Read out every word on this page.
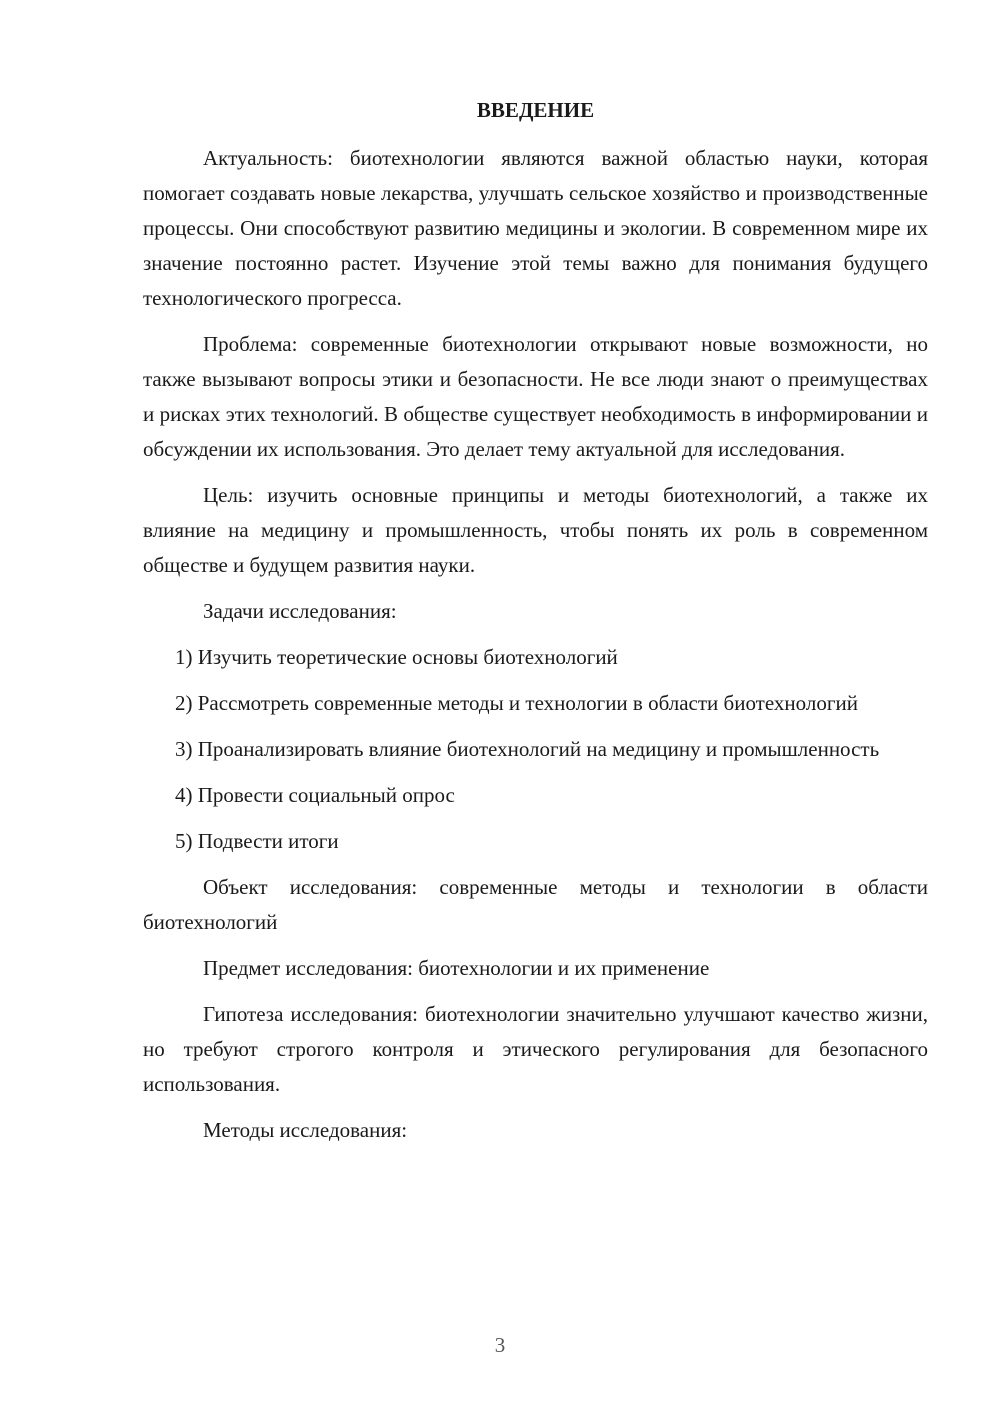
ВВЕДЕНИЕ

Актуальность: биотехнологии являются важной областью науки, которая помогает создавать новые лекарства, улучшать сельское хозяйство и производственные процессы. Они способствуют развитию медицины и экологии. В современном мире их значение постоянно растет. Изучение этой темы важно для понимания будущего технологического прогресса.

Проблема: современные биотехнологии открывают новые возможности, но также вызывают вопросы этики и безопасности. Не все люди знают о преимуществах и рисках этих технологий. В обществе существует необходимость в информировании и обсуждении их использования. Это делает тему актуальной для исследования.

Цель: изучить основные принципы и методы биотехнологий, а также их влияние на медицину и промышленность, чтобы понять их роль в современном обществе и будущем развития науки.

Задачи исследования:

1) Изучить теоретические основы биотехнологий

2) Рассмотреть современные методы и технологии в области биотехнологий

3) Проанализировать влияние биотехнологий на медицину и промышленность

4) Провести социальный опрос

5) Подвести итоги

Объект исследования: современные методы и технологии в области биотехнологий

Предмет исследования: биотехнологии и их применение

Гипотеза исследования: биотехнологии значительно улучшают качество жизни, но требуют строгого контроля и этического регулирования для безопасного использования.

Методы исследования:

3
